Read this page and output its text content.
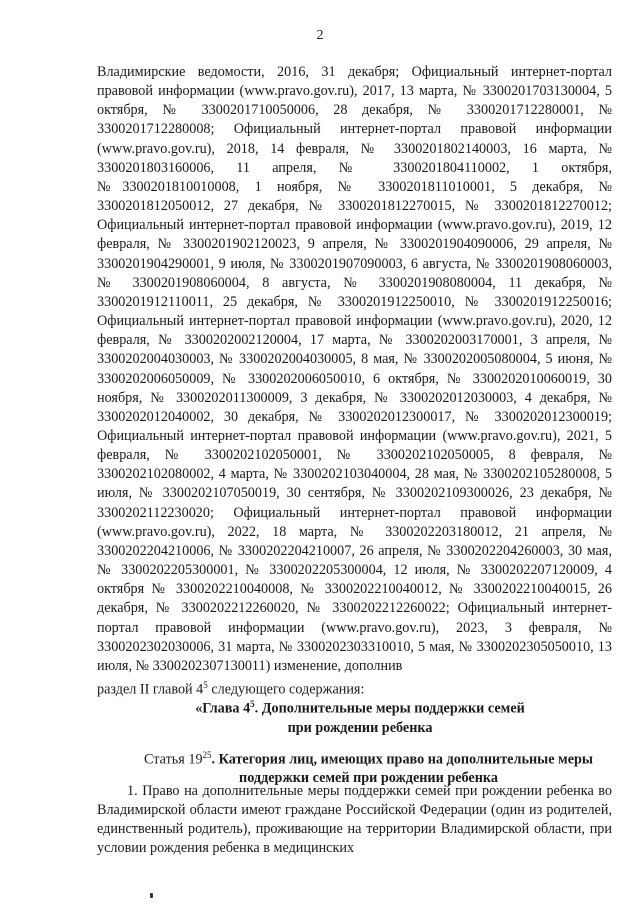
2

Владимирские ведомости, 2016, 31 декабря; Официальный интернет-портал правовой информации (www.pravo.gov.ru), 2017, 13 марта, № 3300201703130004, 5 октября, № 3300201710050006, 28 декабря, № 3300201712280001, № 3300201712280008; Официальный интернет-портал правовой информации (www.pravo.gov.ru), 2018, 14 февраля, № 3300201802140003, 16 марта, № 3300201803160006, 11 апреля, № 3300201804110002, 1 октября, №3300201810010008, 1 ноября, № 3300201811010001, 5 декабря, № 3300201812050012, 27 декабря, № 3300201812270015, № 3300201812270012; Официальный интернет-портал правовой информации (www.pravo.gov.ru), 2019, 12 февраля, № 3300201902120023, 9 апреля, № 3300201904090006, 29 апреля, № 3300201904290001, 9 июля, № 3300201907090003, 6 августа, № 3300201908060003, № 3300201908060004, 8 августа, № 3300201908080004, 11 декабря, № 3300201912110011, 25 декабря, № 3300201912250010, № 3300201912250016; Официальный интернет-портал правовой информации (www.pravo.gov.ru), 2020, 12 февраля, № 3300202002120004, 17 марта, № 3300202003170001, 3 апреля, № 3300202004030003, № 3300202004030005, 8 мая, № 3300202005080004, 5 июня, № 3300202006050009, № 3300202006050010, 6 октября, № 3300202010060019, 30 ноября, № 3300202011300009, 3 декабря, № 3300202012030003, 4 декабря, № 3300202012040002, 30 декабря, № 3300202012300017, № 3300202012300019; Официальный интернет-портал правовой информации (www.pravo.gov.ru), 2021, 5 февраля, № 3300202102050001, № 3300202102050005, 8 февраля, № 3300202102080002, 4 марта, № 3300202103040004, 28 мая, № 3300202105280008, 5 июля, № 3300202107050019, 30 сентября, № 3300202109300026, 23 декабря, № 3300202112230020; Официальный интернет-портал правовой информации (www.pravo.gov.ru), 2022, 18 марта, № 3300202203180012, 21 апреля, № 3300202204210006, № 3300202204210007, 26 апреля, № 3300202204260003, 30 мая, № 3300202205300001, № 3300202205300004, 12 июля, № 3300202207120009, 4 октября № 3300202210040008, № 3300202210040012, № 3300202210040015, 26 декабря, № 3300202212260020, № 3300202212260022; Официальный интернет-портал правовой информации (www.pravo.gov.ru), 2023, 3 февраля, № 3300202302030006, 31 марта, № 3300202303310010, 5 мая, № 3300202305050010, 13 июля, № 3300202307130011) изменение, дополнив

раздел II главой $4^5$ следующего содержания:

«Глава $4^5$. Дополнительные меры поддержки семей
при рождении ребенка
Статья $19^{25}$. Категория лиц, имеющих право на дополнительные меры поддержки семей при рождении ребенка

1. Право на дополнительные меры поддержки семей при рождении ребенка во Владимирской области имеют граждане Российской Федерации (один из родителей, единственный родитель), проживающие на территории Владимирской области, при условии рождения ребенка в медицинских
